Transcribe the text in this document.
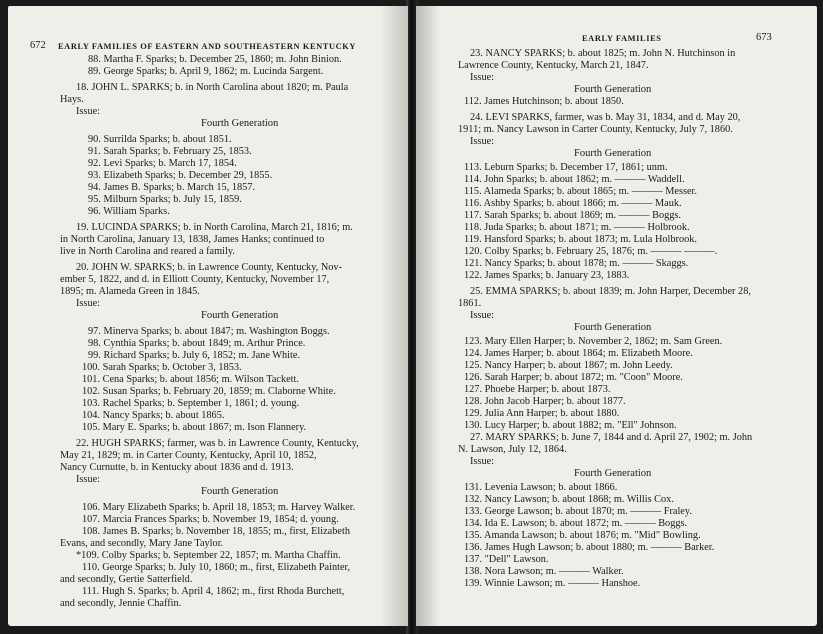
672 EARLY FAMILIES OF EASTERN AND SOUTHEASTERN KENTUCKY
88. Martha F. Sparks; b. December 25, 1860; m. John Binion.
89. George Sparks; b. April 9, 1862; m. Lucinda Sargent.
18. JOHN L. SPARKS; b. in North Carolina about 1820; m. Paula
Hays.
Issue:
90. Surrilda Sparks; b. about 1851.
91. Sarah Sparks; b. February 25, 1853.
92. Levi Sparks; b. March 17, 1854.
93. Elizabeth Sparks; b. December 29, 1855.
94. James B. Sparks; b. March 15, 1857.
95. Milburn Sparks; b. July 15, 1859.
96. William Sparks.
19. LUCINDA SPARKS; b. in North Carolina, March 21, 1816; m.
in North Carolina, January 13, 1838, James Hanks; continued to
live in North Carolina and reared a family.
20. JOHN W. SPARKS; b. in Lawrence County, Kentucky, Nov-
ember 5, 1822, and d. in Elliott County, Kentucky, November 17,
1895; m. Alameda Green in 1845.
Issue:
97. Minerva Sparks; b. about 1847; m. Washington Boggs.
98. Cynthia Sparks; b. about 1849; m. Arthur Prince.
99. Richard Sparks; b. July 6, 1852; m. Jane White.
100. Sarah Sparks; b. October 3, 1853.
101. Cena Sparks; b. about 1856; m. Wilson Tackett.
102. Susan Sparks; b. February 20, 1859; m. Claborne White.
103. Rachel Sparks; b. September 1, 1861; d. young.
104. Nancy Sparks; b. about 1865.
105. Mary E. Sparks; b. about 1867; m. Ison Flannery.
22. HUGH SPARKS; farmer, was b. in Lawrence County, Kentucky,
May 21, 1829; m. in Carter County, Kentucky, April 10, 1852,
Nancy Curnutte, b. in Kentucky about 1836 and d. 1913.
Issue:
106. Mary Elizabeth Sparks; b. April 18, 1853; m. Harvey Walker.
107. Marcia Frances Sparks; b. November 19, 1854; d. young.
108. James B. Sparks; b. November 18, 1855; m., first, Elizabeth
Evans, and secondly, Mary Jane Taylor.
*109. Colby Sparks; b. September 22, 1857; m. Martha Chaffin.
110. George Sparks; b. July 10, 1860; m., first, Elizabeth Painter,
and secondly, Gertie Satterfield.
111. Hugh S. Sparks; b. April 4, 1862; m., first Rhoda Burchett,
and secondly, Jennie Chaffin.
Fourth Generation
Fourth Generation
Fourth Generation
EARLY FAMILIES	673
23. NANCY SPARKS; b. about 1825; m. John N. Hutchinson in
Lawrence County, Kentucky, March 21, 1847.
Issue:
112. James Hutchinson; b. about 1850.
24. LEVI SPARKS, farmer, was b. May 31, 1834, and d. May 20,
1911; m. Nancy Lawson in Carter County, Kentucky, July 7, 1860.
Issue:
113. Leburn Sparks; b. December 17, 1861; unm.
114. John Sparks; b. about 1862; m. ——— Waddell.
115. Alameda Sparks; b. about 1865; m. ——— Messer.
116. Ashby Sparks; b. about 1866; m. ——— Mauk.
117. Sarah Sparks; b. about 1869; m. ——— Boggs.
118. Juda Sparks; b. about 1871; m. ——— Holbrook.
119. Hansford Sparks; b. about 1873; m. Lula Holbrook.
120. Colby Sparks; b. February 25, 1876; m. ——— ———.
121. Nancy Sparks; b. about 1878; m. ——— Skaggs.
122. James Sparks; b. January 23, 1883.
25. EMMA SPARKS; b. about 1839; m. John Harper, December 28,
1861.
Issue:
123. Mary Ellen Harper; b. November 2, 1862; m. Sam Green.
124. James Harper; b. about 1864; m. Elizabeth Moore.
125. Nancy Harper; b. about 1867; m. John Leedy.
126. Sarah Harper; b. about 1872; m. "Coon" Moore.
127. Phoebe Harper; b. about 1873.
128. John Jacob Harper; b. about 1877.
129. Julia Ann Harper; b. about 1880.
130. Lucy Harper; b. about 1882; m. "Ell" Johnson.
27. MARY SPARKS; b. June 7, 1844 and d. April 27, 1902; m. John
N. Lawson, July 12, 1864.
Issue:
131. Levenia Lawson; b. about 1866.
132. Nancy Lawson; b. about 1868; m. Willis Cox.
133. George Lawson; b. about 1870; m. ——— Fraley.
134. Ida E. Lawson; b. about 1872; m. ——— Boggs.
135. Amanda Lawson; b. about 1876; m. "Mid" Bowling.
136. James Hugh Lawson; b. about 1880; m. ——— Barker.
137. "Dell" Lawson.
138. Nora Lawson; m. ——— Walker.
139. Winnie Lawson; m. ——— Hanshoe.
Fourth Generation
Fourth Generation
Fourth Generation
Fourth Generation
